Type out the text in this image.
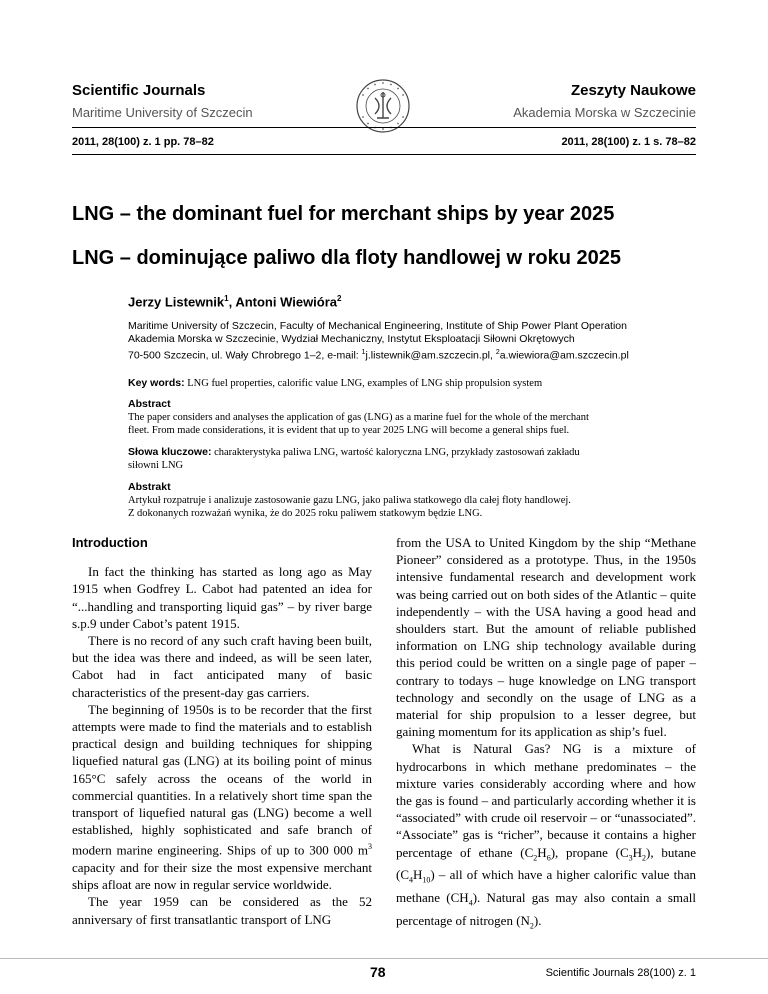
Scientific Journals
Maritime University of Szczecin
Zeszyty Naukowe
Akademia Morska w Szczecinie
2011, 28(100) z. 1 pp. 78–82	2011, 28(100) z. 1 s. 78–82
LNG – the dominant fuel for merchant ships by year 2025
LNG – dominujące paliwo dla floty handlowej w roku 2025
Jerzy Listewnik$^1$, Antoni Wiewióra$^2$
Maritime University of Szczecin, Faculty of Mechanical Engineering, Institute of Ship Power Plant Operation
Akademia Morska w Szczecinie, Wydział Mechaniczny, Instytut Eksploatacji Siłowni Okrętowych
70-500 Szczecin, ul. Wały Chrobrego 1–2, e-mail: $^1$j.listewnik@am.szczecin.pl, $^2$a.wiewiora@am.szczecin.pl
Key words: LNG fuel properties, calorific value LNG, examples of LNG ship propulsion system
Abstract
The paper considers and analyses the application of gas (LNG) as a marine fuel for the whole of the merchant
fleet. From made considerations, it is evident that up to year 2025 LNG will become a general ships fuel.
Słowa kluczowe: charakterystyka paliwa LNG, wartość kaloryczna LNG, przykłady zastosowań zakładu
siłowni LNG
Abstrakt
Artykuł rozpatruje i analizuje zastosowanie gazu LNG, jako paliwa statkowego dla całej floty handlowej.
Z dokonanych rozważań wynika, że do 2025 roku paliwem statkowym będzie LNG.
Introduction

In fact the thinking has started as long ago as May 1915 when Godfrey L. Cabot had patented an idea for “...handling and transporting liquid gas” – by river barge s.p.9 under Cabot’s patent 1915.

There is no record of any such craft having been built, but the idea was there and indeed, as will be seen later, Cabot had in fact anticipated many of basic characteristics of the present-day gas carriers.

The beginning of 1950s is to be recorder that the first attempts were made to find the materials and to establish practical design and building techniques for shipping liquefied natural gas (LNG) at its boiling point of minus 165°C safely across the oceans of the world in commercial quantities. In a relatively short time span the transport of liquefied natural gas (LNG) become a well established, highly sophisticated and safe branch of modern marine engineering. Ships of up to 300 000 $m^3$ capacity and for their size the most expensive merchant ships afloat are now in regular service worldwide.

The year 1959 can be considered as the 52 anniversary of first transatlantic transport of LNG

from the USA to United Kingdom by the ship “Methane Pioneer” considered as a prototype. Thus, in the 1950s intensive fundamental research and development work was being carried out on both sides of the Atlantic – quite independently – with the USA having a good head and shoulders start. But the amount of reliable published information on LNG ship technology available during this period could be written on a single page of paper – contrary to todays – huge knowledge on LNG transport technology and secondly on the usage of LNG as a material for ship propulsion to a lesser degree, but gaining momentum for its application as ship’s fuel.

What is Natural Gas? NG is a mixture of hydrocarbons in which methane predominates – the mixture varies considerably according where and how the gas is found – and particularly according whether it is “associated” with crude oil reservoir – or “unassociated”. “Associate” gas is “richer”, because it contains a higher percentage of ethane $(C_2H_6)$, propane $(C_3H_2)$, butane $(C_4H_{10})$ – all of which have a higher calorific value than methane $(CH_4)$. Natural gas may also contain a small percentage of nitrogen $(N_2)$.

78	Scientific Journals 28(100) z. 1
